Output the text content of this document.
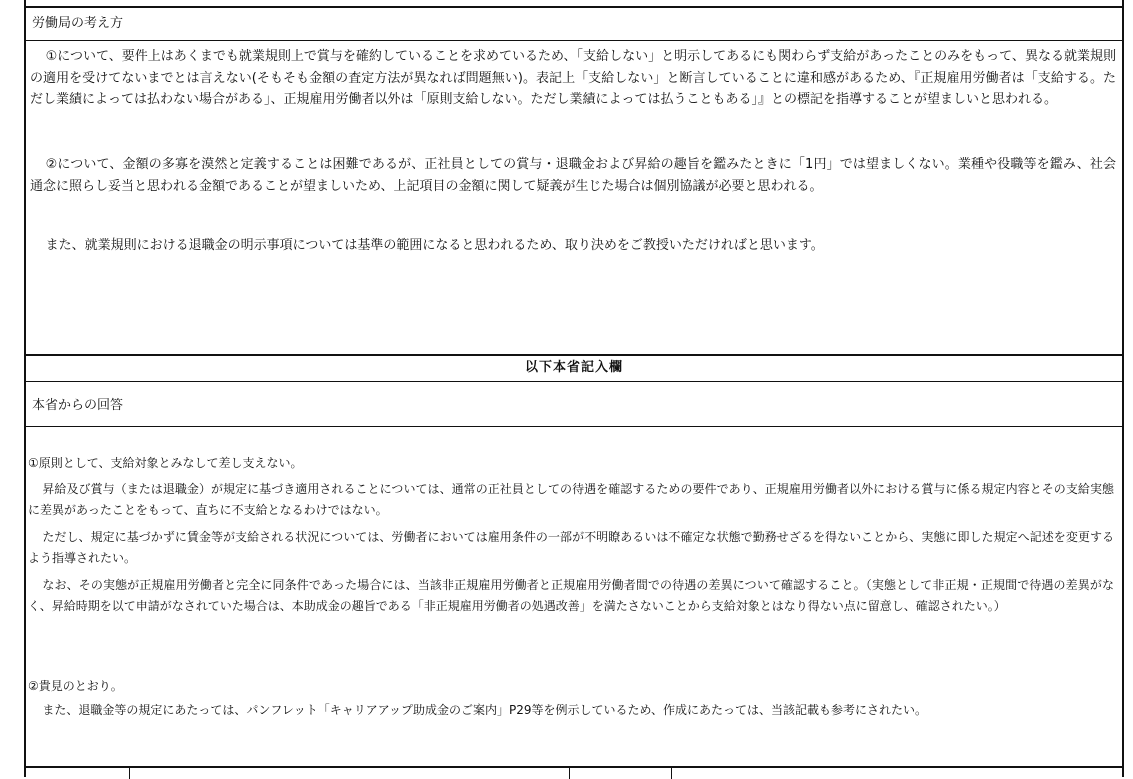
労働局の考え方

①について、要件上はあくまでも就業規則上で賞与を確約していることを求めているため、「支給しない」と明示してあるにも関わらず支給があったことのみをもって、異なる就業規則の適用を受けてないまでとは言えない(そもそも金額の査定方法が異なれば問題無い)。表記上「支給しない」と断言していることに違和感があるため、『正規雇用労働者は「支給する。ただし業績によっては払わない場合がある」、正規雇用労働者以外は「原則支給しない。ただし業績によっては払うこともある」』との標記を指導することが望ましいと思われる。

②について、金額の多寡を漠然と定義することは困難であるが、正社員としての賞与・退職金および昇給の趣旨を鑑みたときに「1円」では望ましくない。業種や役職等を鑑み、社会通念に照らし妥当と思われる金額であることが望ましいため、上記項目の金額に関して疑義が生じた場合は個別協議が必要と思われる。

また、就業規則における退職金の明示事項については基準の範囲になると思われるため、取り決めをご教授いただければと思います。

以下本省記入欄
本省からの回答

①原則として、支給対象とみなして差し支えない。

昇給及び賞与（または退職金）が規定に基づき適用されることについては、通常の正社員としての待遇を確認するための要件であり、正規雇用労働者以外における賞与に係る規定内容とその支給実態に差異があったことをもって、直ちに不支給となるわけではない。

ただし、規定に基づかずに賃金等が支給される状況については、労働者においては雇用条件の一部が不明瞭あるいは不確定な状態で勤務せざるを得ないことから、実態に即した規定へ記述を変更するよう指導されたい。

なお、その実態が正規雇用労働者と完全に同条件であった場合には、当該非正規雇用労働者と正規雇用労働者間での待遇の差異について確認すること。（実態として非正規・正規間で待遇の差異がなく、昇給時期を以て申請がなされていた場合は、本助成金の趣旨である「非正規雇用労働者の処遇改善」を満たさないことから支給対象とはなり得ない点に留意し、確認されたい。）

②貴見のとおり。

また、退職金等の規定にあたっては、パンフレット「キャリアアップ助成金のご案内」P29等を例示しているため、作成にあたっては、当該記載も参考にされたい。
